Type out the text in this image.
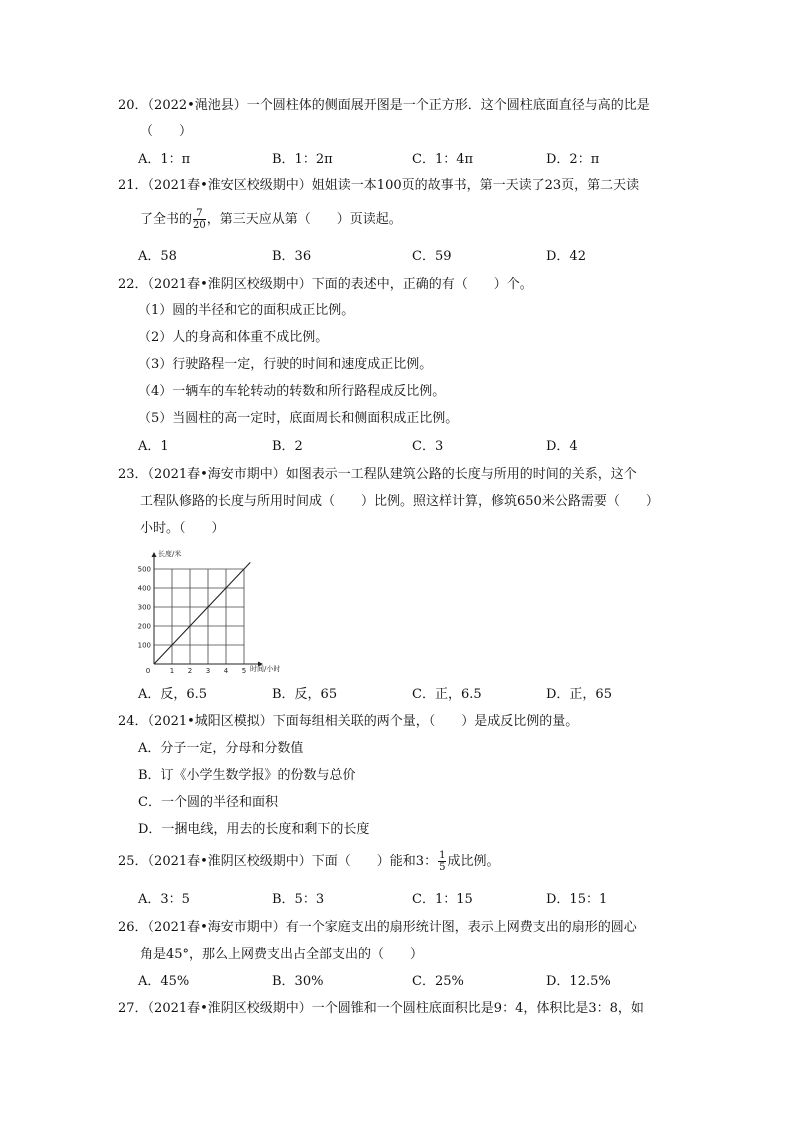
20．（2022•渑池县）一个圆柱体的侧面展开图是一个正方形．这个圆柱底面直径与高的比是
（　　）
A．1：π	B．1：2π	C．1：4π	D．2：π
21．（2021春•淮安区校级期中）姐姐读一本100页的故事书，第一天读了23页，第二天读
了全书的 $\frac{7}{20}$ ，第三天应从第（　　）页读起。
A．58	B．36	C．59	D．42
22．（2021春•淮阴区校级期中）下面的表述中，正确的有（　　）个。
（1）圆的半径和它的面积成正比例。
（2）人的身高和体重不成比例。
（3）行驶路程一定，行驶的时间和速度成正比例。
（4）一辆车的车轮转动的转数和所行路程成反比例。
（5）当圆柱的高一定时，底面周长和侧面积成正比例。
A．1	B．2	C．3	D．4
23．（2021春•海安市期中）如图表示一工程队建筑公路的长度与所用的时间的关系，这个
工程队修路的长度与所用时间成（　　）比例。照这样计算，修筑650米公路需要（　　）
小时。（　　）
0	1 2 3 4 5
100
200
300
400
500
长度/米
时间/小时
A．反，6.5	B．反，65	C．正，6.5	D．正，65
24．（2021•城阳区模拟）下面每组相关联的两个量，（　　）是成反比例的量。
A．分子一定，分母和分数值
B．订《小学生数学报》的份数与总价
C．一个圆的半径和面积
D．一捆电线，用去的长度和剩下的长度
25．（2021春•淮阴区校级期中）下面（　　）能和3： $\frac{1}{5}$ 成比例。
A．3：5	B．5：3	C．1：15	D．15：1
26．（2021春•海安市期中）有一个家庭支出的扇形统计图，表示上网费支出的扇形的圆心
角是45°，那么上网费支出占全部支出的（　　）
A．45%	B．30%	C．25%	D．12.5%
27．（2021春•淮阴区校级期中）一个圆锥和一个圆柱底面积比是9：4，体积比是3：8，如
